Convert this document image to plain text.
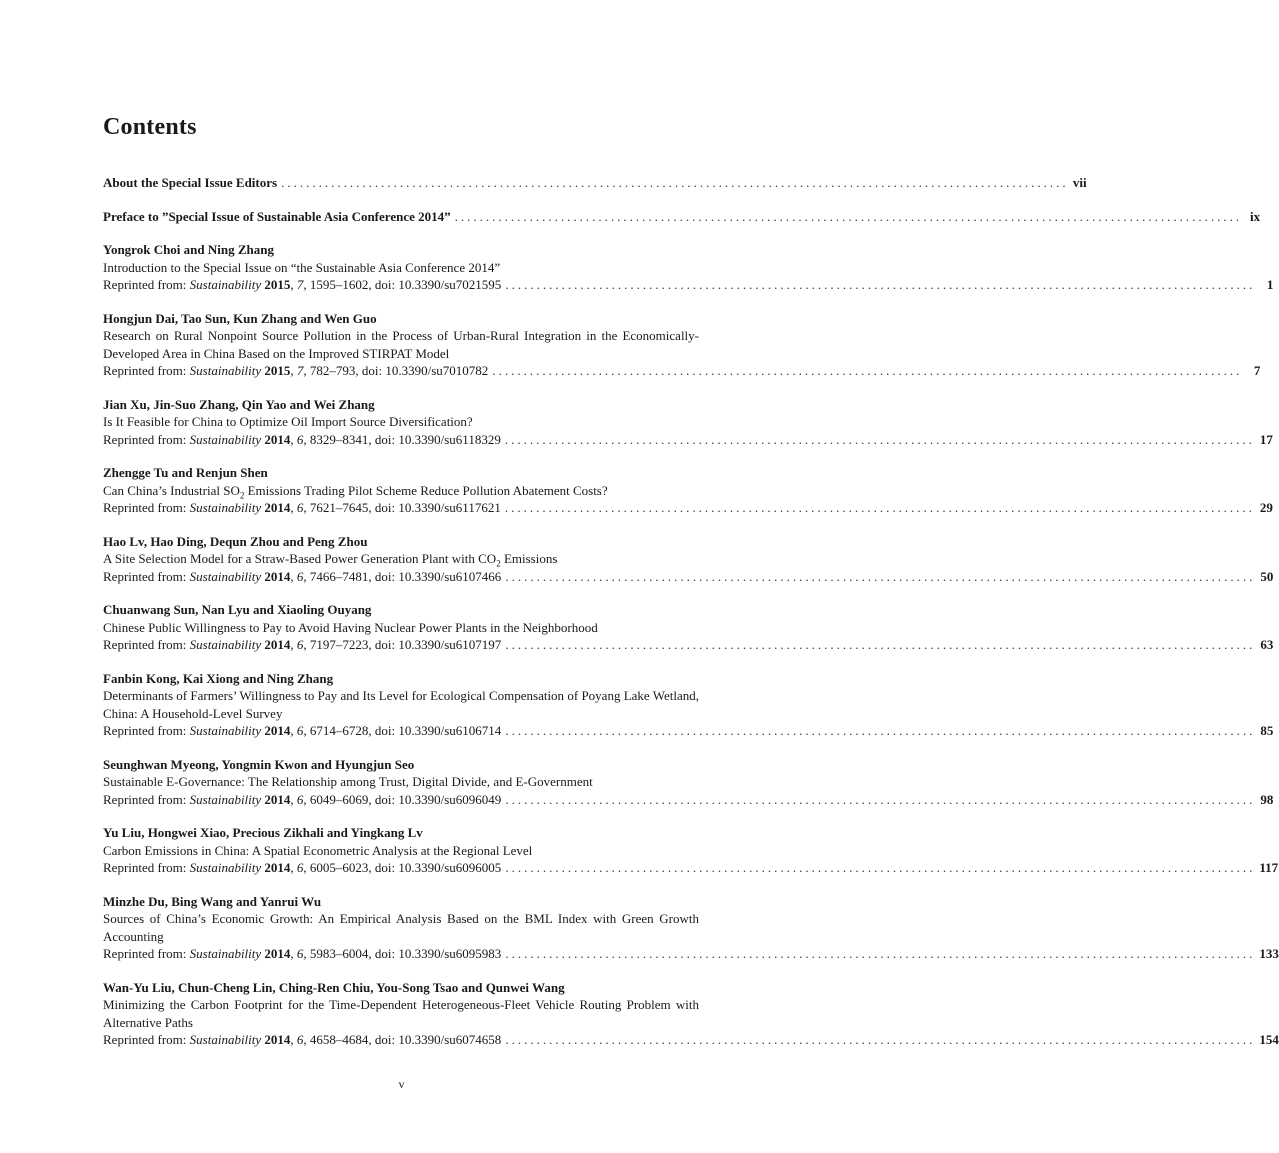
Contents
About the Special Issue Editors .............................................................................................................................. vii
Preface to ”Special Issue of Sustainable Asia Conference 2014” .............................................................................................................................. ix
Yongrok Choi and Ning Zhang
Introduction to the Special Issue on “the Sustainable Asia Conference 2014”
Reprinted from: Sustainability 2015, 7, 1595–1602, doi: 10.3390/su7021595 ........................................................................................................................ 1
Hongjun Dai, Tao Sun, Kun Zhang and Wen Guo
Research on Rural Nonpoint Source Pollution in the Process of Urban-Rural Integration in the Economically-Developed Area in China Based on the Improved STIRPAT Model
Reprinted from: Sustainability 2015, 7, 782–793, doi: 10.3390/su7010782 ........................................................................................................................ 7
Jian Xu, Jin-Suo Zhang, Qin Yao and Wei Zhang
Is It Feasible for China to Optimize Oil Import Source Diversification?
Reprinted from: Sustainability 2014, 6, 8329–8341, doi: 10.3390/su6118329 ........................................................................................................................ 17
Zhengge Tu and Renjun Shen
Can China’s Industrial $SO_2$ Emissions Trading Pilot Scheme Reduce Pollution Abatement Costs?
Reprinted from: Sustainability 2014, 6, 7621–7645, doi: 10.3390/su6117621 ........................................................................................................................ 29
Hao Lv, Hao Ding, Dequn Zhou and Peng Zhou
A Site Selection Model for a Straw-Based Power Generation Plant with $CO_2$ Emissions
Reprinted from: Sustainability 2014, 6, 7466–7481, doi: 10.3390/su6107466 ........................................................................................................................ 50
Chuanwang Sun, Nan Lyu and Xiaoling Ouyang
Chinese Public Willingness to Pay to Avoid Having Nuclear Power Plants in the Neighborhood
Reprinted from: Sustainability 2014, 6, 7197–7223, doi: 10.3390/su6107197 ........................................................................................................................ 63
Fanbin Kong, Kai Xiong and Ning Zhang
Determinants of Farmers’ Willingness to Pay and Its Level for Ecological Compensation of Poyang Lake Wetland, China: A Household-Level Survey
Reprinted from: Sustainability 2014, 6, 6714–6728, doi: 10.3390/su6106714 ........................................................................................................................ 85
Seunghwan Myeong, Yongmin Kwon and Hyungjun Seo
Sustainable E-Governance: The Relationship among Trust, Digital Divide, and E-Government
Reprinted from: Sustainability 2014, 6, 6049–6069, doi: 10.3390/su6096049 ........................................................................................................................ 98
Yu Liu, Hongwei Xiao, Precious Zikhali and Yingkang Lv
Carbon Emissions in China: A Spatial Econometric Analysis at the Regional Level
Reprinted from: Sustainability 2014, 6, 6005–6023, doi: 10.3390/su6096005 ........................................................................................................................ 117
Minzhe Du, Bing Wang and Yanrui Wu
Sources of China’s Economic Growth: An Empirical Analysis Based on the BML Index with Green Growth Accounting
Reprinted from: Sustainability 2014, 6, 5983–6004, doi: 10.3390/su6095983 ........................................................................................................................ 133
Wan-Yu Liu, Chun-Cheng Lin, Ching-Ren Chiu, You-Song Tsao and Qunwei Wang
Minimizing the Carbon Footprint for the Time-Dependent Heterogeneous-Fleet Vehicle Routing Problem with Alternative Paths
Reprinted from: Sustainability 2014, 6, 4658–4684, doi: 10.3390/su6074658 ........................................................................................................................ 154
v
